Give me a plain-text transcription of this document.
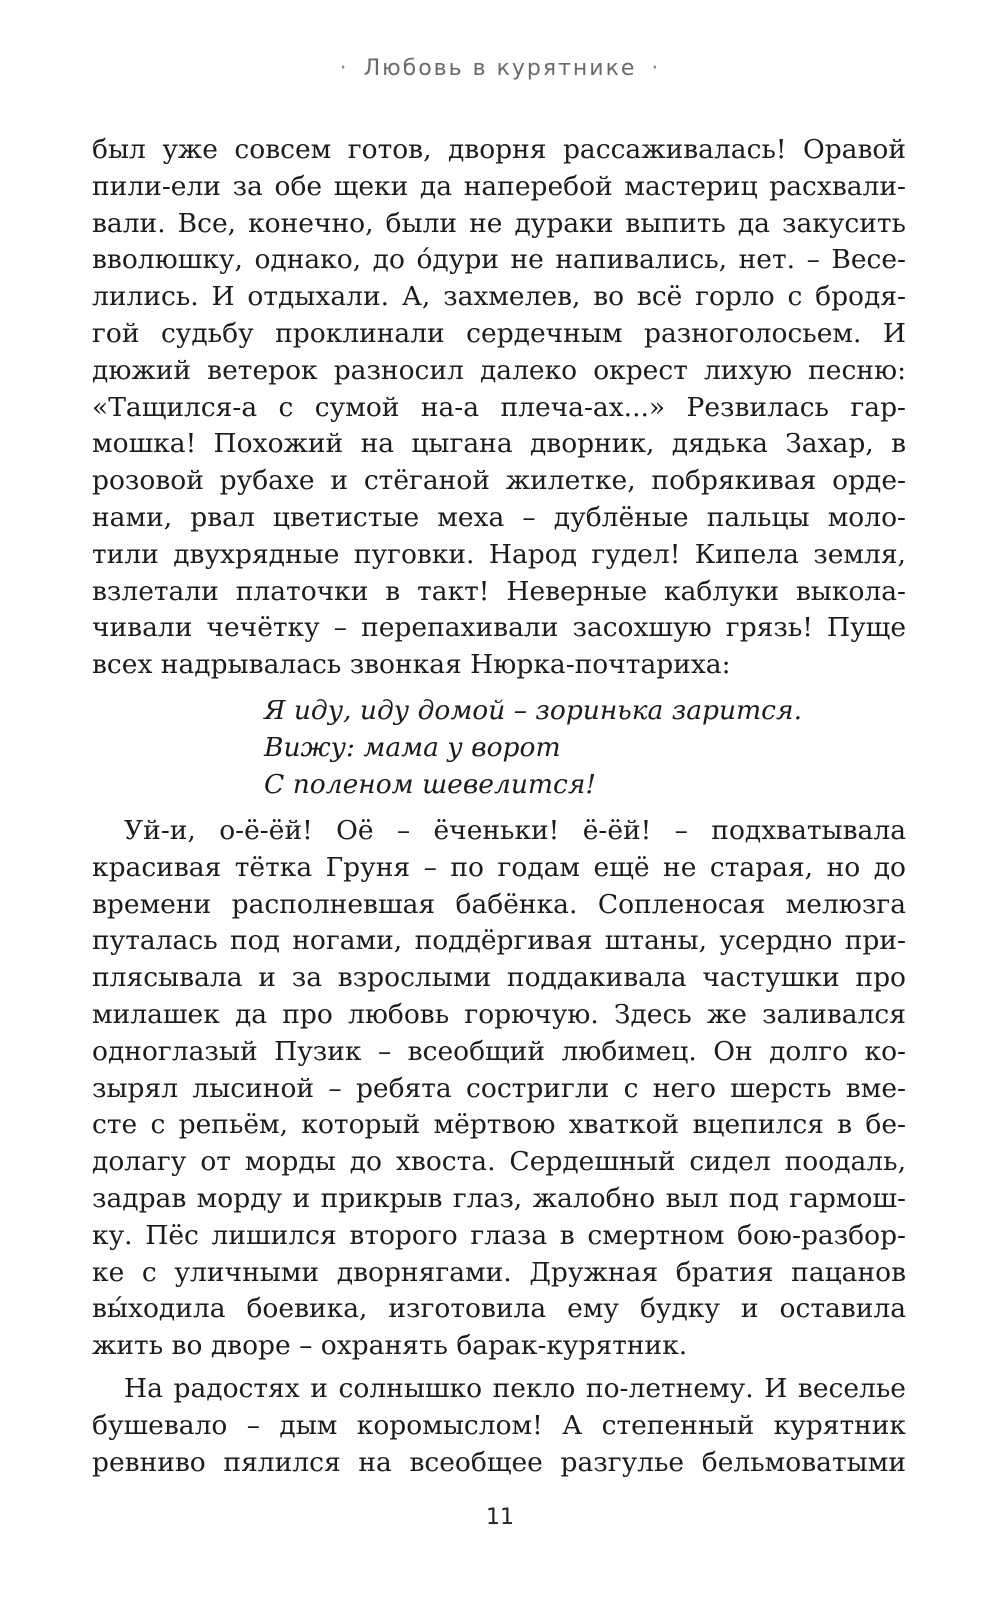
· Любовь в курятнике ·
был уже совсем готов, дворня рассаживалась! Оравой
пили-ели за обе щеки да наперебой мастериц расхвали-
вали. Все, конечно, были не дураки выпить да закусить
вволюшку, однако, до о́дури не напивались, нет. – Весе-
лились. И отдыхали. А, захмелев, во всё горло с бродя-
гой судьбу проклинали сердечным разноголосьем. И
дюжий ветерок разносил далеко окрест лихую песню:
«Тащился-а с сумой на-а плеча-ах...» Резвилась гар-
мошка! Похожий на цыгана дворник, дядька Захар, в
розовой рубахе и стёганой жилетке, побрякивая орде-
нами, рвал цветистые меха – дублёные пальцы моло-
тили двухрядные пуговки. Народ гудел! Кипела земля,
взлетали платочки в такт! Неверные каблуки выкола-
чивали чечётку – перепахивали засохшую грязь! Пуще
всех надрывалась звонкая Нюрка-почтариха:
Я иду, иду домой – зоринька зарится.
Вижу: мама у ворот
С поленом шевелится!
Уй-и, о-ё-ёй! Оё – ёченьки! ё-ёй! – подхватывала
красивая тётка Груня – по годам ещё не старая, но до
времени располневшая бабёнка. Сопленосая мелюзга
путалась под ногами, поддёргивая штаны, усердно при-
плясывала и за взрослыми поддакивала частушки про
милашек да про любовь горючую. Здесь же заливался
одноглазый Пузик – всеобщий любимец. Он долго ко-
зырял лысиной – ребята состригли с него шерсть вме-
сте с репьём, который мёртвою хваткой вцепился в бе-
долагу от морды до хвоста. Сердешный сидел поодаль,
задрав морду и прикрыв глаз, жалобно выл под гармош-
ку. Пёс лишился второго глаза в смертном бою-разбор-
ке с уличными дворнягами. Дружная братия пацанов
вы́ходила боевика, изготовила ему будку и оставила
жить во дворе – охранять барак-курятник.
На радостях и солнышко пекло по-летнему. И веселье
бушевало – дым коромыслом! А степенный курятник
ревниво пялился на всеобщее разгулье бельмоватыми
11
